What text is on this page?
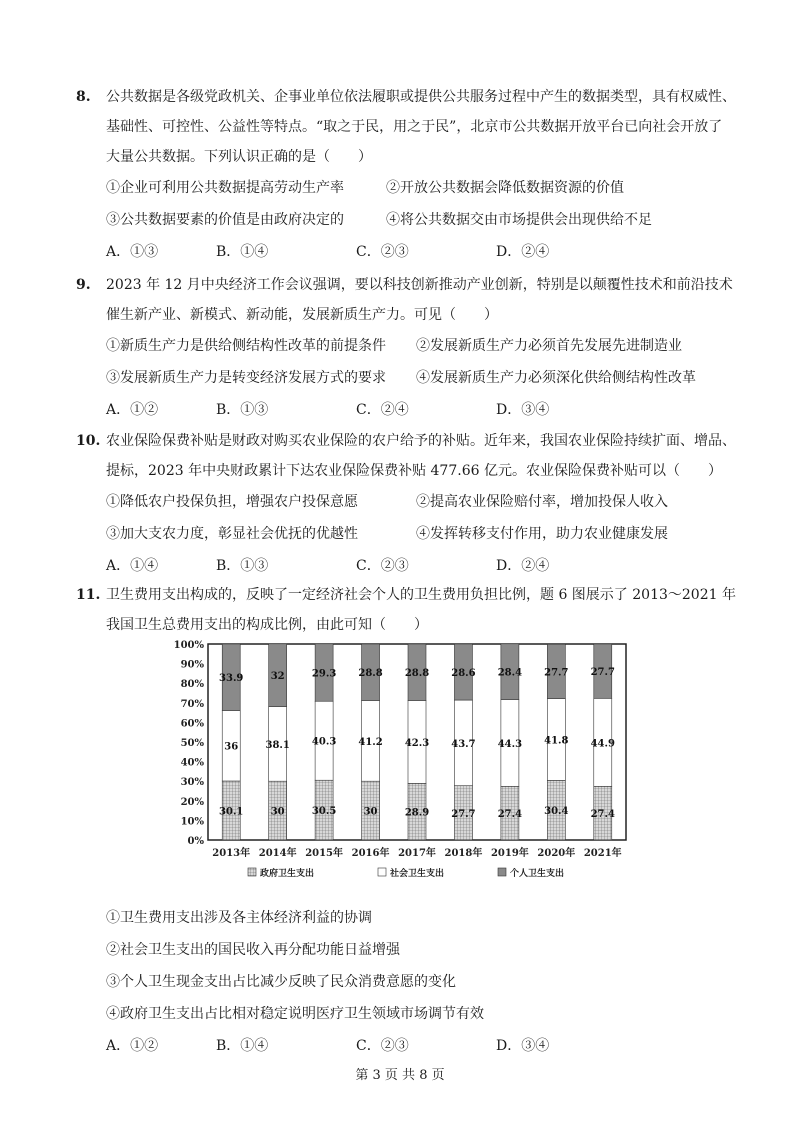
8. 公共数据是各级党政机关、企事业单位依法履职或提供公共服务过程中产生的数据类型，具有权威性、
基础性、可控性、公益性等特点。“取之于民，用之于民”，北京市公共数据开放平台已向社会开放了
大量公共数据。下列认识正确的是（　　）
①企业可利用公共数据提高劳动生产率	②开放公共数据会降低数据资源的价值
③公共数据要素的价值是由政府决定的	④将公共数据交由市场提供会出现供给不足
A．①③	B．①④	C．②③	D．②④
9. 2023 年 12 月中央经济工作会议强调，要以科技创新推动产业创新，特别是以颠覆性技术和前沿技术
催生新产业、新模式、新动能，发展新质生产力。可见（　　）
①新质生产力是供给侧结构性改革的前提条件 ②发展新质生产力必须首先发展先进制造业
③发展新质生产力是转变经济发展方式的要求 ④发展新质生产力必须深化供给侧结构性改革
A．①②	B．①③	C．②④	D．③④
10. 农业保险保费补贴是财政对购买农业保险的农户给予的补贴。近年来，我国农业保险持续扩面、增品、
提标，2023 年中央财政累计下达农业保险保费补贴 477.66 亿元。农业保险保费补贴可以（　　）
①降低农户投保负担，增强农户投保意愿	②提高农业保险赔付率，增加投保人收入
③加大支农力度，彰显社会优抚的优越性	④发挥转移支付作用，助力农业健康发展
A．①④	B．①③	C．②③	D．②④
11. 卫生费用支出构成的，反映了一定经济社会个人的卫生费用负担比例，题 6 图展示了 2013～2021 年
我国卫生总费用支出的构成比例，由此可知（　　）
0%
10%
20%
30%
40%
50%
60%
70%
80%
90%
100%
30.1
36
33.9
2013年
30
38.1
32
2014年
30.5
40.3
29.3
2015年
30
41.2
28.8
2016年
28.9
42.3
28.8
2017年
27.7
43.7
28.6
2018年
27.4
44.3
28.4
2019年
30.4
41.8
27.7
2020年
27.4
44.9
27.7
2021年
政府卫生支出	社会卫生支出	个人卫生支出
①卫生费用支出涉及各主体经济利益的协调
②社会卫生支出的国民收入再分配功能日益增强
③个人卫生现金支出占比减少反映了民众消费意愿的变化
④政府卫生支出占比相对稳定说明医疗卫生领域市场调节有效
A．①②	B．①④	C．②③	D．③④
第 3 页 共 8 页
